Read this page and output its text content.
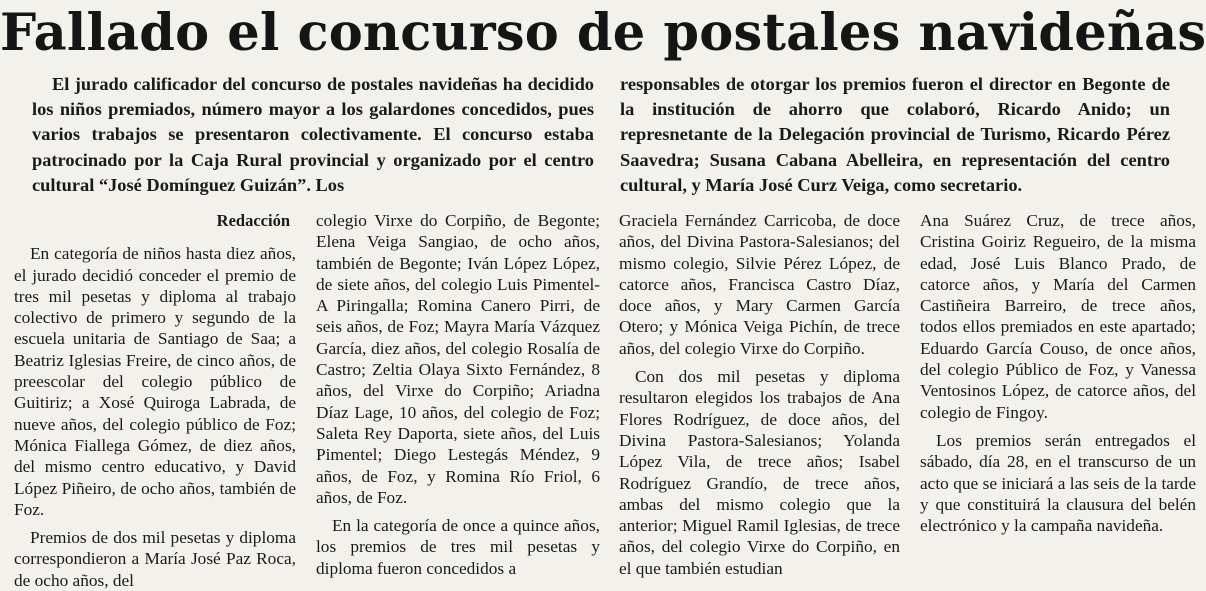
Fallado el concurso de postales navideñas

El jurado calificador del concurso de postales navideñas ha decidido los niños premiados, número mayor a los galardones concedidos, pues varios trabajos se presentaron colectivamente. El concurso estaba patrocinado por la Caja Rural provincial y organizado por el centro cultural “José Domínguez Guizán”. Los

responsables de otorgar los premios fueron el director en Begonte de la institución de ahorro que colaboró, Ricardo Anido; un represnetante de la Delegación provincial de Turismo, Ricardo Pérez Saavedra; Susana Cabana Abelleira, en representación del centro cultural, y María José Curz Veiga, como secretario.

Redacción

En categoría de niños hasta diez años, el jurado decidió conceder el premio de tres mil pesetas y diploma al trabajo colectivo de primero y segundo de la escuela unitaria de Santiago de Saa; a Beatriz Iglesias Freire, de cinco años, de preescolar del colegio público de Guitiriz; a Xosé Quiroga Labrada, de nueve años, del colegio público de Foz; Mónica Fiallega Gómez, de diez años, del mismo centro educativo, y David López Piñeiro, de ocho años, también de Foz.

Premios de dos mil pesetas y diploma correspondieron a María José Paz Roca, de ocho años, del

colegio Virxe do Corpiño, de Begonte; Elena Veiga Sangiao, de ocho años, también de Begonte; Iván López López, de siete años, del colegio Luis Pimentel-A Piringalla; Romina Canero Pirri, de seis años, de Foz; Mayra María Vázquez García, diez años, del colegio Rosalía de Castro; Zeltia Olaya Sixto Fernández, 8 años, del Virxe do Corpiño; Ariadna Díaz Lage, 10 años, del colegio de Foz; Saleta Rey Daporta, siete años, del Luis Pimentel; Diego Lestegás Méndez, 9 años, de Foz, y Romina Río Friol, 6 años, de Foz.

En la categoría de once a quince años, los premios de tres mil pesetas y diploma fueron concedidos a

Graciela Fernández Carricoba, de doce años, del Divina Pastora-Salesianos; del mismo colegio, Silvie Pérez López, de catorce años, Francisca Castro Díaz, doce años, y Mary Carmen García Otero; y Mónica Veiga Pichín, de trece años, del colegio Virxe do Corpiño.

Con dos mil pesetas y diploma resultaron elegidos los trabajos de Ana Flores Rodríguez, de doce años, del Divina Pastora-Salesianos; Yolanda López Vila, de trece años; Isabel Rodríguez Grandío, de trece años, ambas del mismo colegio que la anterior; Miguel Ramil Iglesias, de trece años, del colegio Virxe do Corpiño, en el que también estudian

Ana Suárez Cruz, de trece años, Cristina Goiriz Regueiro, de la misma edad, José Luis Blanco Prado, de catorce años, y María del Carmen Castiñeira Barreiro, de trece años, todos ellos premiados en este apartado; Eduardo García Couso, de once años, del colegio Público de Foz, y Vanessa Ventosinos López, de catorce años, del colegio de Fingoy.

Los premios serán entregados el sábado, día 28, en el transcurso de un acto que se iniciará a las seis de la tarde y que constituirá la clausura del belén electrónico y la campaña navideña.
